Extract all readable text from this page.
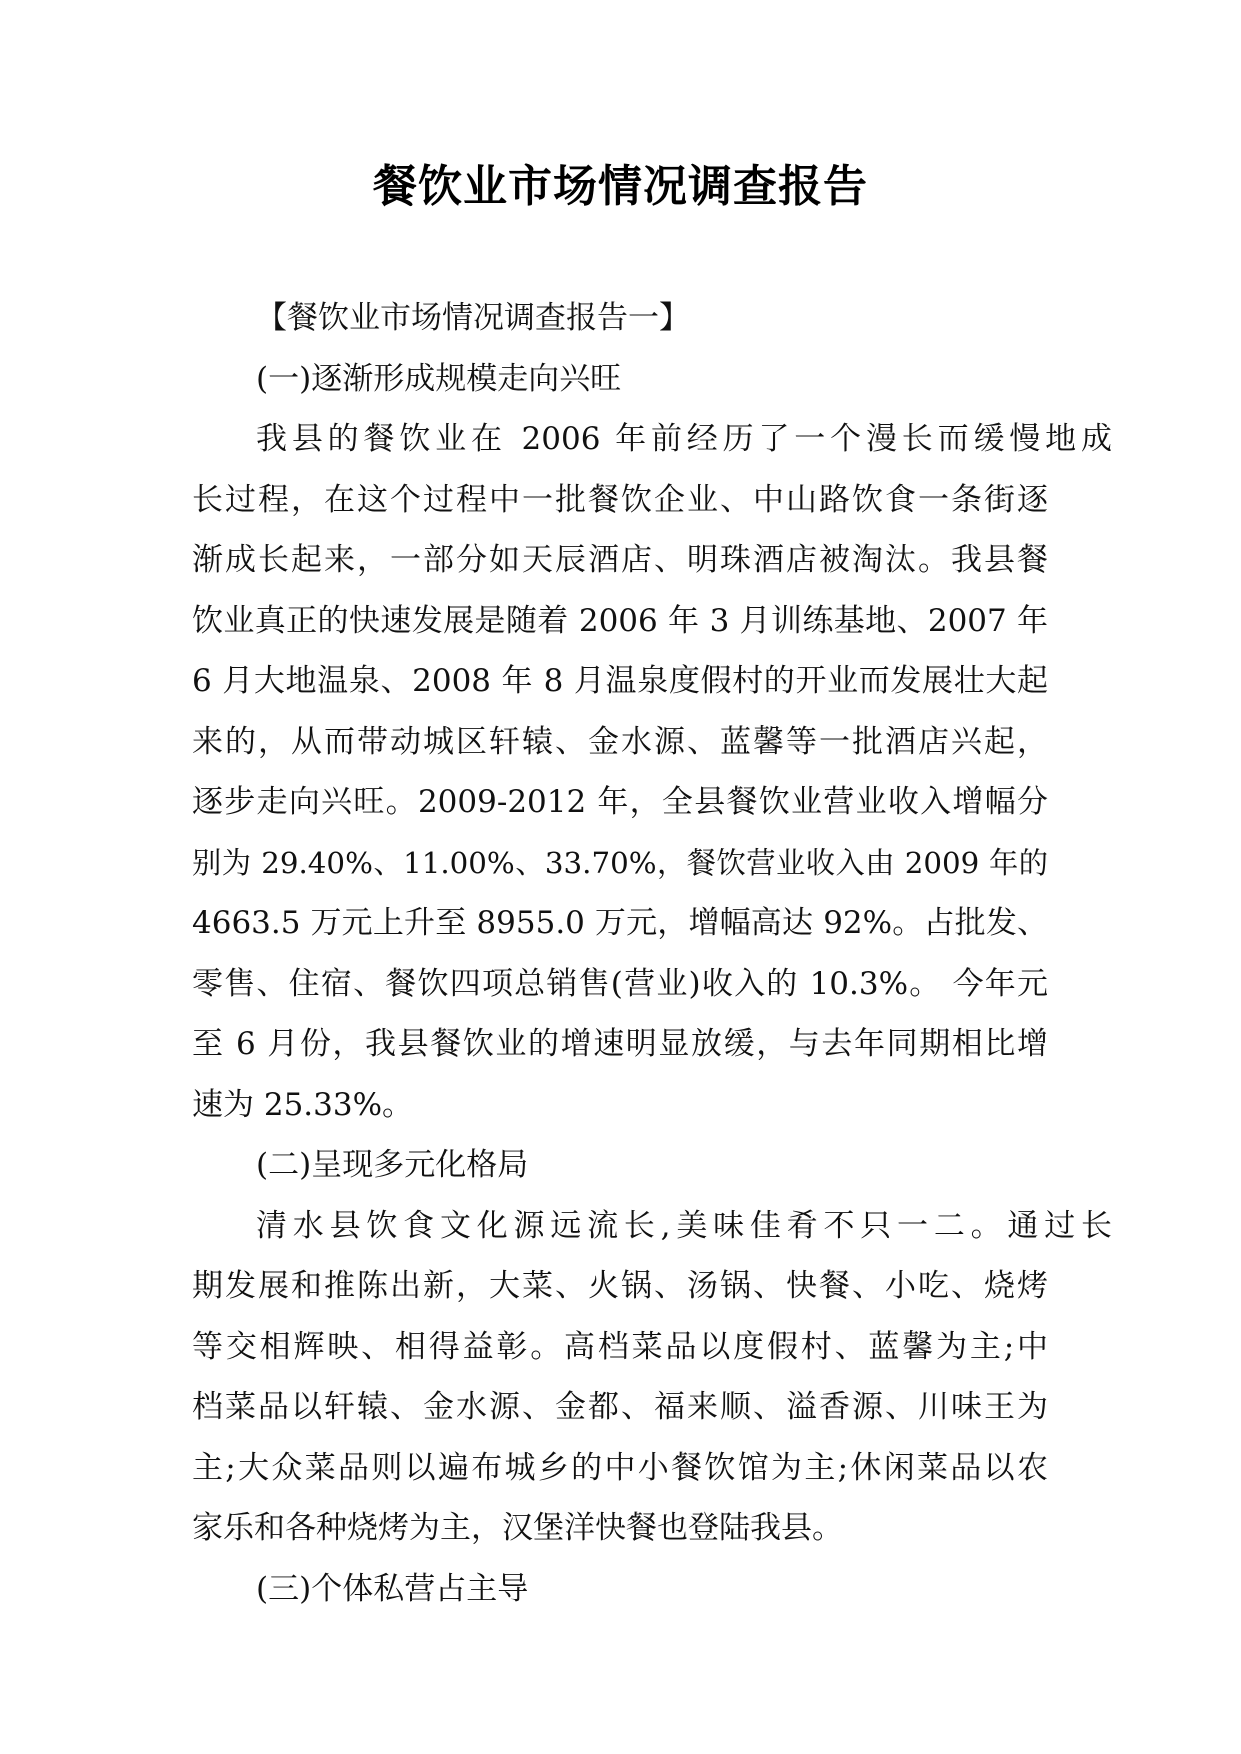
餐饮业市场情况调查报告
【餐饮业市场情况调查报告一】
(一)逐渐形成规模走向兴旺
我县的餐饮业在 2006 年前经历了一个漫长而缓慢地成
长过程，在这个过程中一批餐饮企业、中山路饮食一条街逐
渐成长起来，一部分如天辰酒店、明珠酒店被淘汰。我县餐
饮业真正的快速发展是随着 2006 年 3 月训练基地、2007 年
6 月大地温泉、2008 年 8 月温泉度假村的开业而发展壮大起
来的，从而带动城区轩辕、金水源、蓝馨等一批酒店兴起，
逐步走向兴旺。2009-2012 年，全县餐饮业营业收入增幅分
别为 29.40%、11.00%、33.70%，餐饮营业收入由 2009 年的
4663.5 万元上升至 8955.0 万元，增幅高达 92%。占批发、
零售、住宿、餐饮四项总销售(营业)收入的 10.3%。 今年元
至 6 月份，我县餐饮业的增速明显放缓，与去年同期相比增
速为 25.33%。
(二)呈现多元化格局
清水县饮食文化源远流长,美味佳肴不只一二。通过长
期发展和推陈出新，大菜、火锅、汤锅、快餐、小吃、烧烤
等交相辉映、相得益彰。高档菜品以度假村、蓝馨为主;中
档菜品以轩辕、金水源、金都、福来顺、溢香源、川味王为
主;大众菜品则以遍布城乡的中小餐饮馆为主;休闲菜品以农
家乐和各种烧烤为主，汉堡洋快餐也登陆我县。
(三)个体私营占主导
